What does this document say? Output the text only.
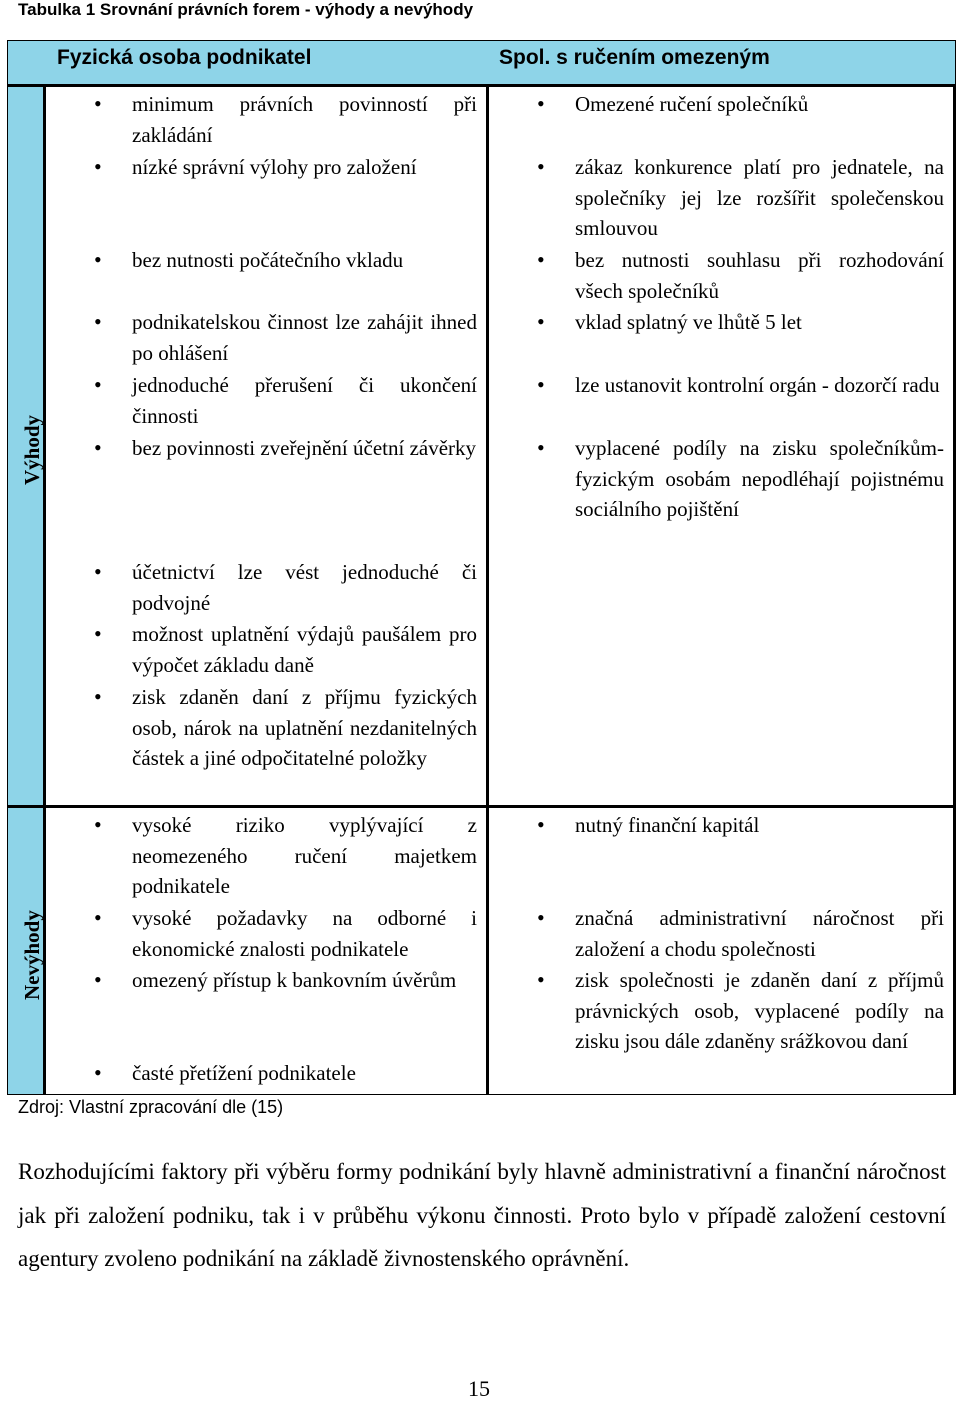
Tabulka 1 Srovnání právních forem - výhody a nevýhody
Fyzická osoba podnikatel	Spol. s ručením omezeným
Výhody
Nevýhody
• minimum právních povinností při zakládání
• nízké správní výlohy pro založení
• bez nutnosti počátečního vkladu
• podnikatelskou činnost lze zahájit ihned po ohlášení
• jednoduché přerušení či ukončení činnosti
• bez povinnosti zveřejnění účetní závěrky
• účetnictví lze vést jednoduché či podvojné
• možnost uplatnění výdajů paušálem pro výpočet základu daně
• zisk zdaněn daní z příjmu fyzických osob, nárok na uplatnění nezdanitelných částek a jiné odpočitatelné položky
• Omezené ručení společníků
• zákaz konkurence platí pro jednatele, na společníky jej lze rozšířit společenskou smlouvou
• bez nutnosti souhlasu při rozhodování všech společníků
• vklad splatný ve lhůtě 5 let
• lze ustanovit kontrolní orgán - dozorčí radu
• vyplacené podíly na zisku společníkům-fyzickým osobám nepodléhají pojistnému sociálního pojištění
• vysoké riziko vyplývající z neomezeného ručení majetkem podnikatele
• vysoké požadavky na odborné i ekonomické znalosti podnikatele
• omezený přístup k bankovním úvěrům
• časté přetížení podnikatele
• nutný finanční kapitál
• značná administrativní náročnost při založení a chodu společnosti
• zisk společnosti je zdaněn daní z příjmů právnických osob, vyplacené podíly na zisku jsou dále zdaněny srážkovou daní
Zdroj: Vlastní zpracování dle (15)

Rozhodujícími faktory při výběru formy podnikání byly hlavně administrativní a finanční náročnost jak při založení podniku, tak i v průběhu výkonu činnosti. Proto bylo v případě založení cestovní agentury zvoleno podnikání na základě živnostenského oprávnění.

15
